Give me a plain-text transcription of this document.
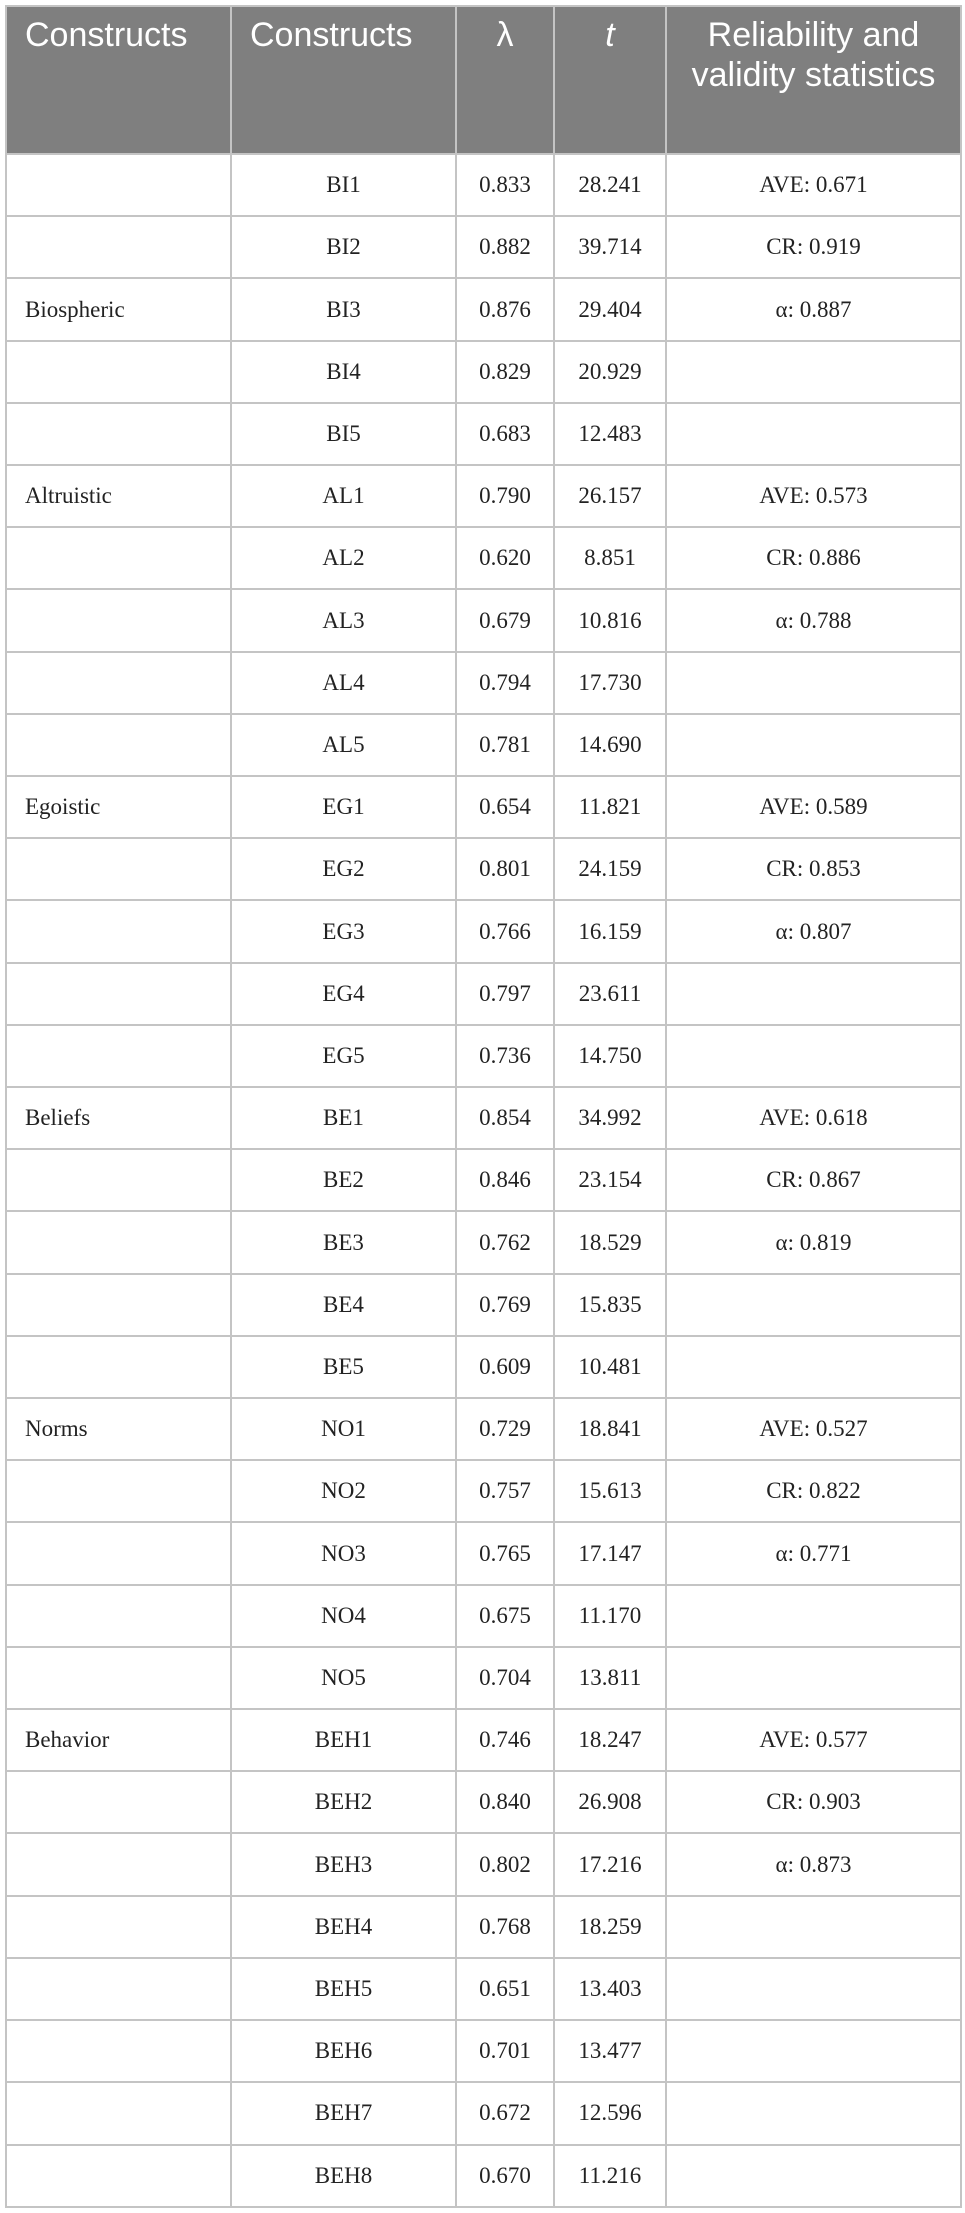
Constructs	Constructs	λ	t	Reliability and validity statistics
	BI1	0.833	28.241	AVE: 0.671
	BI2	0.882	39.714	CR: 0.919
Biospheric	BI3	0.876	29.404	α: 0.887
	BI4	0.829	20.929	
	BI5	0.683	12.483	
Altruistic	AL1	0.790	26.157	AVE: 0.573
	AL2	0.620	8.851	CR: 0.886
	AL3	0.679	10.816	α: 0.788
	AL4	0.794	17.730	
	AL5	0.781	14.690	
Egoistic	EG1	0.654	11.821	AVE: 0.589
	EG2	0.801	24.159	CR: 0.853
	EG3	0.766	16.159	α: 0.807
	EG4	0.797	23.611	
	EG5	0.736	14.750	
Beliefs	BE1	0.854	34.992	AVE: 0.618
	BE2	0.846	23.154	CR: 0.867
	BE3	0.762	18.529	α: 0.819
	BE4	0.769	15.835	
	BE5	0.609	10.481	
Norms	NO1	0.729	18.841	AVE: 0.527
	NO2	0.757	15.613	CR: 0.822
	NO3	0.765	17.147	α: 0.771
	NO4	0.675	11.170	
	NO5	0.704	13.811	
Behavior	BEH1	0.746	18.247	AVE: 0.577
	BEH2	0.840	26.908	CR: 0.903
	BEH3	0.802	17.216	α: 0.873
	BEH4	0.768	18.259	
	BEH5	0.651	13.403	
	BEH6	0.701	13.477	
	BEH7	0.672	12.596	
	BEH8	0.670	11.216	
